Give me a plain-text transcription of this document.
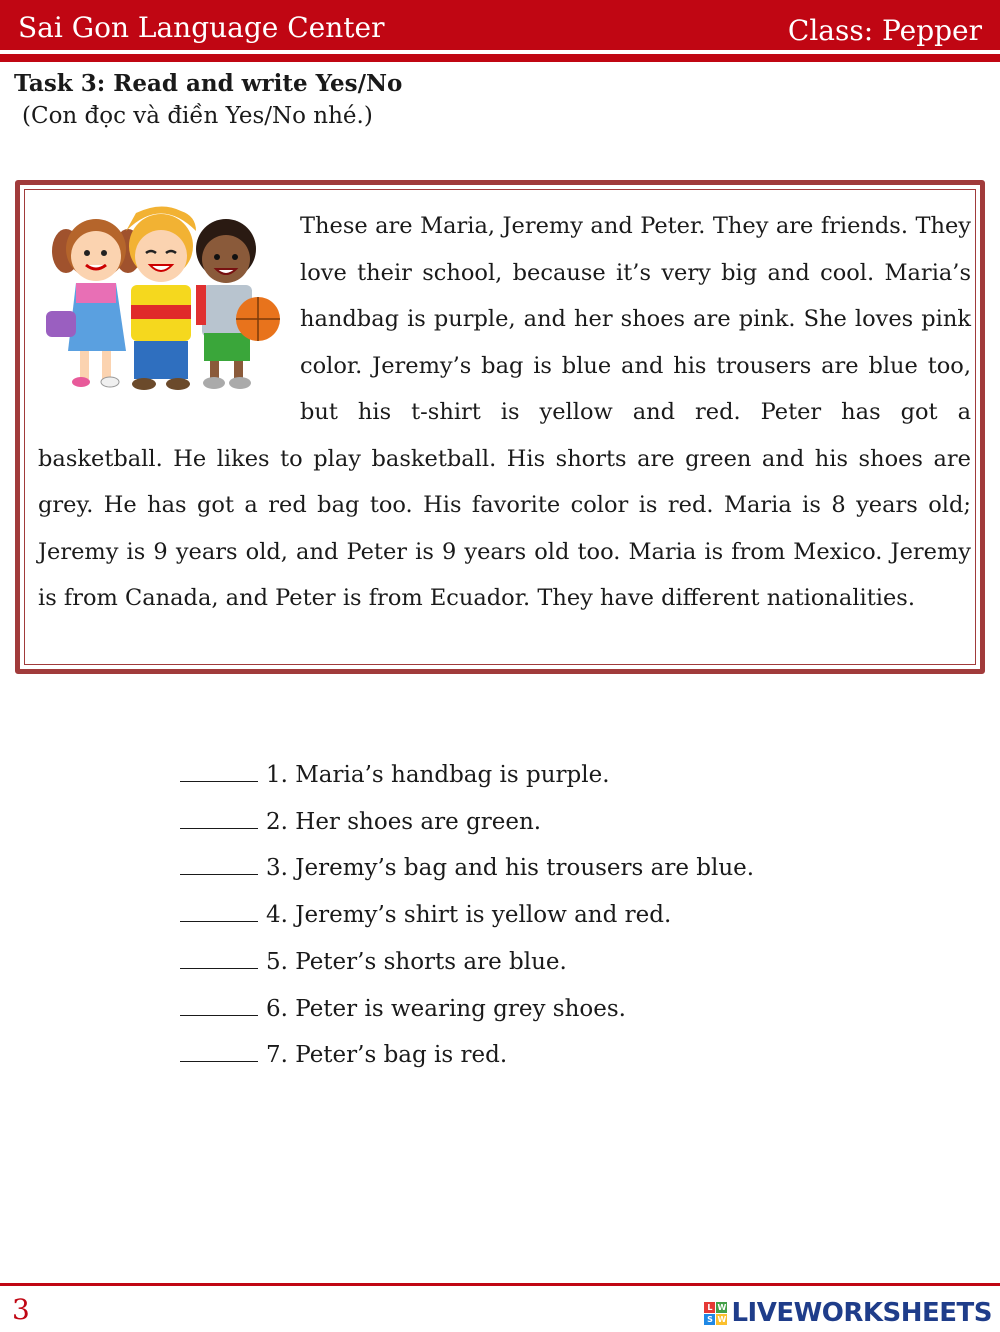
Sai Gon Language Center	Class: Pepper
Task 3: Read and write Yes/No
(Con đọc và điền Yes/No nhé.)
These are Maria, Jeremy and Peter. They are friends. They love their school, because it’s very big and cool. Maria’s handbag is purple, and her shoes are pink. She loves pink color. Jeremy’s bag is blue and his trousers are blue too, but his t-shirt is yellow and red. Peter has got a basketball. He likes to play basketball. His shorts are green and his shoes are grey. He has got a red bag too. His favorite color is red. Maria is 8 years old; Jeremy is 9 years old, and Peter is 9 years old too. Maria is from Mexico. Jeremy is from Canada, and Peter is from Ecuador. They have different nationalities.
1. Maria’s handbag is purple.
2. Her shoes are green.
3. Jeremy’s bag and his trousers are blue.
4. Jeremy’s shirt is yellow and red.
5. Peter’s shorts are blue.
6. Peter is wearing grey shoes.
7. Peter’s bag is red.
3	L W
S W LIVEWORKSHEETS
